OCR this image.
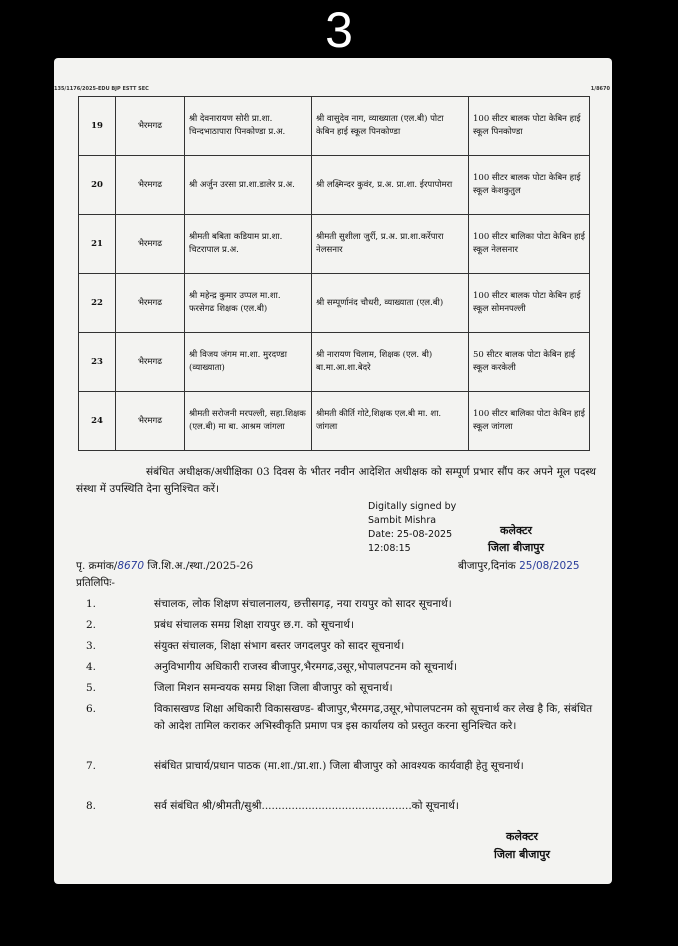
3
135/1176/2025-EDU BJP ESTT SEC	1/8670
19	भैरमगढ	श्री देवनारायण सोरी प्रा.शा. चिन्दभाठापारा पिनकोण्डा प्र.अ.	श्री वासुदेव नाग, व्याख्याता (एल.बी) पोटा केबिन हाई स्कूल पिनकोण्डा	100 सीटर बालक पोटा केबिन हाई स्कूल पिनकोण्डा
20	भैरमगढ	श्री अर्जुन उरसा प्रा.शा.डालेर प्र.अ.	श्री लक्ष्मिन्दर कुवंर, प्र.अ. प्रा.शा. ईरपापोमरा	100 सीटर बालक पोटा केबिन हाई स्कूल केशकुतुल
21	भैरमगढ	श्रीमती बबिता कडियाम प्रा.शा. चिटरापाल प्र.अ.	श्रीमती सुशीला जुर्री, प्र.अ. प्रा.शा.कर्रेपारा नेलसनार	100 सीटर बालिका पोटा केबिन हाई स्कूल नेलसनार
22	भैरमगढ	श्री महेन्द्र कुमार उप्पल मा.शा. फरसेगढ शिक्षक (एल.बी)	श्री सम्पूर्णानंद चौधरी, व्याख्याता (एल.बी)	100 सीटर बालक पोटा केबिन हाई स्कूल सोमनपल्ली
23	भैरमगढ	श्री विजय जंगम मा.शा. मुरदण्डा (व्याख्याता)	श्री नारायण चिलाम, शिक्षक (एल. बी) बा.मा.आ.शा.बेदरे	50 सीटर बालक पोटा केबिन हाई स्कूल करकेली
24	भैरमगढ	श्रीमती सरोजनी मरपल्ली, सहा.शिक्षक (एल.बी) मा बा. आश्रम जांगला	श्रीमती कीर्ति गोटे,शिक्षक एल.बी मा. शा. जांगला	100 सीटर बालिका पोटा केबिन हाई स्कूल जांगला
संबंधित अधीक्षक/अधीक्षिका 03 दिवस के भीतर नवीन आदेशित अधीक्षक को सम्पूर्ण प्रभार सौंप कर अपने मूल पदस्थ संस्था में उपस्थिति देना सुनिश्चित करें।
Digitally signed by
Sambit Mishra
Date: 25-08-2025
12:08:15
कलेक्टर
जिला बीजापुर
पृ. क्रमांक/8670 जि.शि.अ./स्था./2025-26	बीजापुर,दिनांक 25/08/2025
प्रतिलिपिः-
1.	संचालक, लोक शिक्षण संचालनालय, छत्तीसगढ़, नया रायपुर को सादर सूचनार्थ।
2.	प्रबंध संचालक समग्र शिक्षा रायपुर छ.ग. को सूचनार्थ।
3.	संयुक्त संचालक, शिक्षा संभाग बस्तर जगदलपुर को सादर सूचनार्थ।
4.	अनुविभागीय अधिकारी राजस्व बीजापुर,भैरमगढ,उसूर,भोपालपटनम को सूचनार्थ।
5.	जिला मिशन समन्वयक समग्र शिक्षा जिला बीजापुर को सूचनार्थ।
6.	विकासखण्ड शिक्षा अधिकारी विकासखण्ड- बीजापुर,भैरमगढ,उसूर,भोपालपटनम को सूचनार्थ कर लेख है कि, संबंधित को आदेश तामिल कराकर अभिस्वीकृति प्रमाण पत्र इस कार्यालय को प्रस्तुत करना सुनिश्चित करे।
7.	संबंधित प्राचार्य/प्रधान पाठक (मा.शा./प्रा.शा.) जिला बीजापुर को आवश्यक कार्यवाही हेतु सूचनार्थ।
8.	सर्व संबंधित श्री/श्रीमती/सुश्री.............................................को सूचनार्थ।
कलेक्टर
जिला बीजापुर
